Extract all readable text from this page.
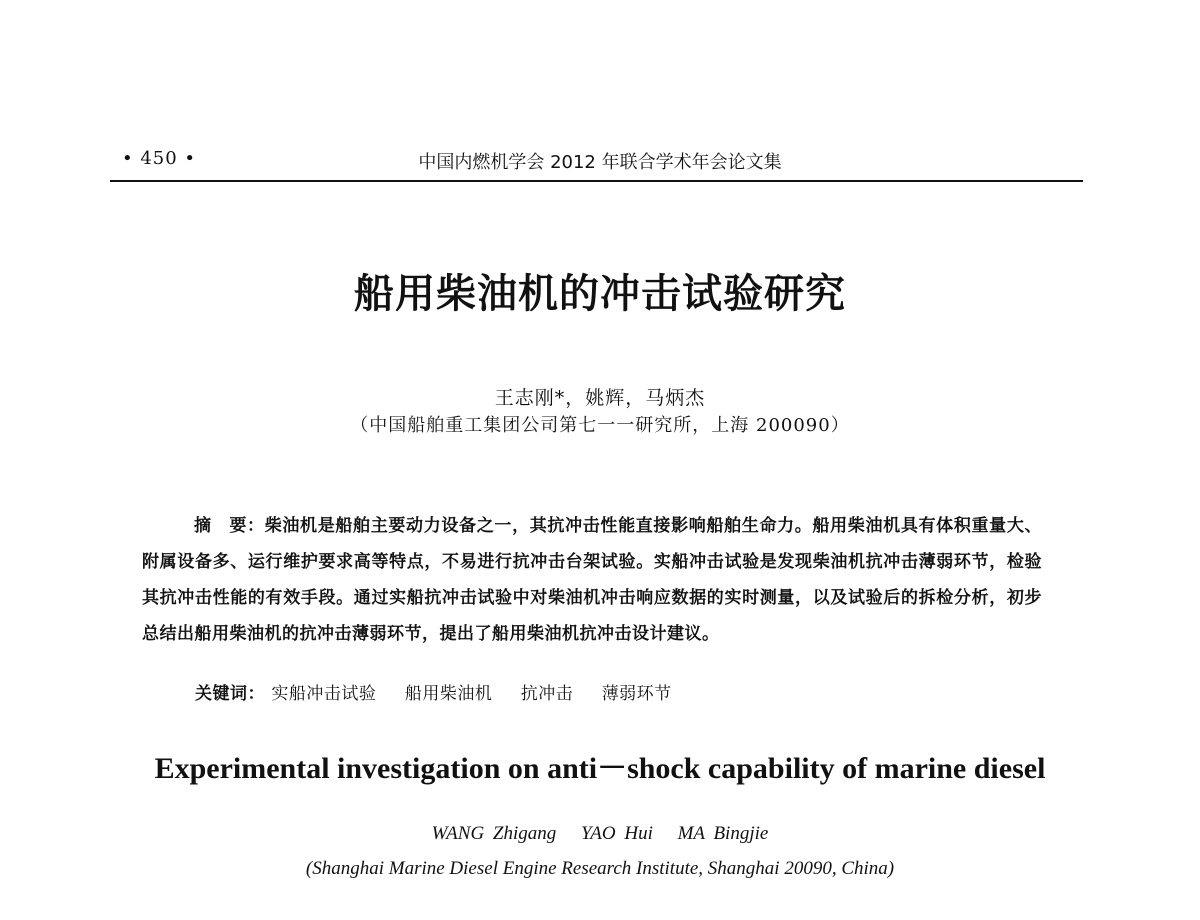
• 450 •	中国内燃机学会 2012 年联合学术年会论文集
船用柴油机的冲击试验研究
王志刚*，姚辉，马炳杰
（中国船舶重工集团公司第七一一研究所，上海 200090）
摘　要：柴油机是船舶主要动力设备之一，其抗冲击性能直接影响船舶生命力。船用柴油机具有体积重量大、附属设备多、运行维护要求高等特点，不易进行抗冲击台架试验。实船冲击试验是发现柴油机抗冲击薄弱环节，检验其抗冲击性能的有效手段。通过实船抗冲击试验中对柴油机冲击响应数据的实时测量，以及试验后的拆检分析，初步总结出船用柴油机的抗冲击薄弱环节，提出了船用柴油机抗冲击设计建议。
关键词： 实船冲击试验 船用柴油机 抗冲击 薄弱环节
Experimental investigation on anti－shock capability of marine diesel
WANG Zhigang YAO Hui MA Bingjie
(Shanghai Marine Diesel Engine Research Institute, Shanghai 20090, China)
